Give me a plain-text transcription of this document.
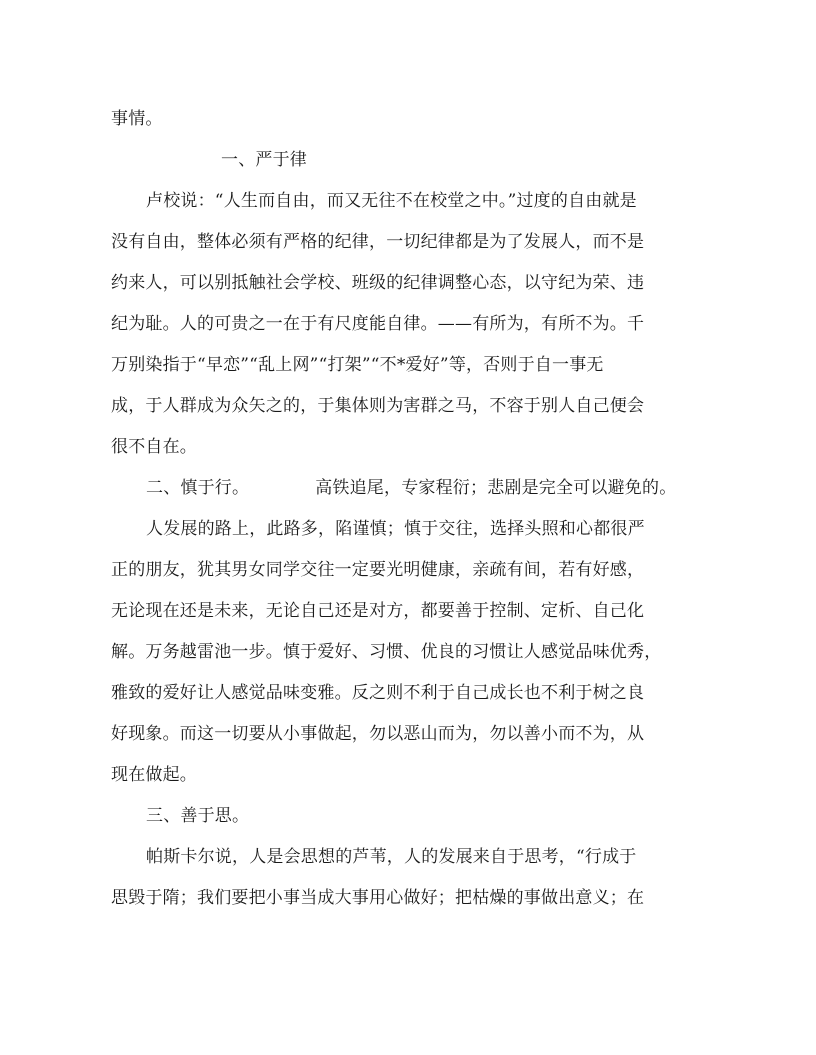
事情。
一、严于律
卢校说：“人生而自由，而又无往不在校堂之中。”过度的自由就是
没有自由，整体必须有严格的纪律，一切纪律都是为了发展人，而不是
约来人，可以别抵触社会学校、班级的纪律调整心态，以守纪为荣、违
纪为耻。人的可贵之一在于有尺度能自律。——有所为，有所不为。千
万别染指于“早恋”“乱上网”“打架”“不*爱好”等，否则于自一事无
成，于人群成为众矢之的，于集体则为害群之马，不容于别人自己便会
很不自在。
二、慎于行。	高铁追尾，专家程衍；悲剧是完全可以避免的。
人发展的路上，此路多，陷谨慎；慎于交往，选择头照和心都很严
正的朋友，犹其男女同学交往一定要光明健康，亲疏有间，若有好感，
无论现在还是未来，无论自己还是对方，都要善于控制、定析、自己化
解。万务越雷池一步。慎于爱好、习惯、优良的习惯让人感觉品味优秀，
雅致的爱好让人感觉品味变雅。反之则不利于自己成长也不利于树之良
好现象。而这一切要从小事做起，勿以恶山而为，勿以善小而不为，从
现在做起。
三、善于思。
帕斯卡尔说，人是会思想的芦苇，人的发展来自于思考，“行成于
思毁于隋；我们要把小事当成大事用心做好；把枯燥的事做出意义；在
